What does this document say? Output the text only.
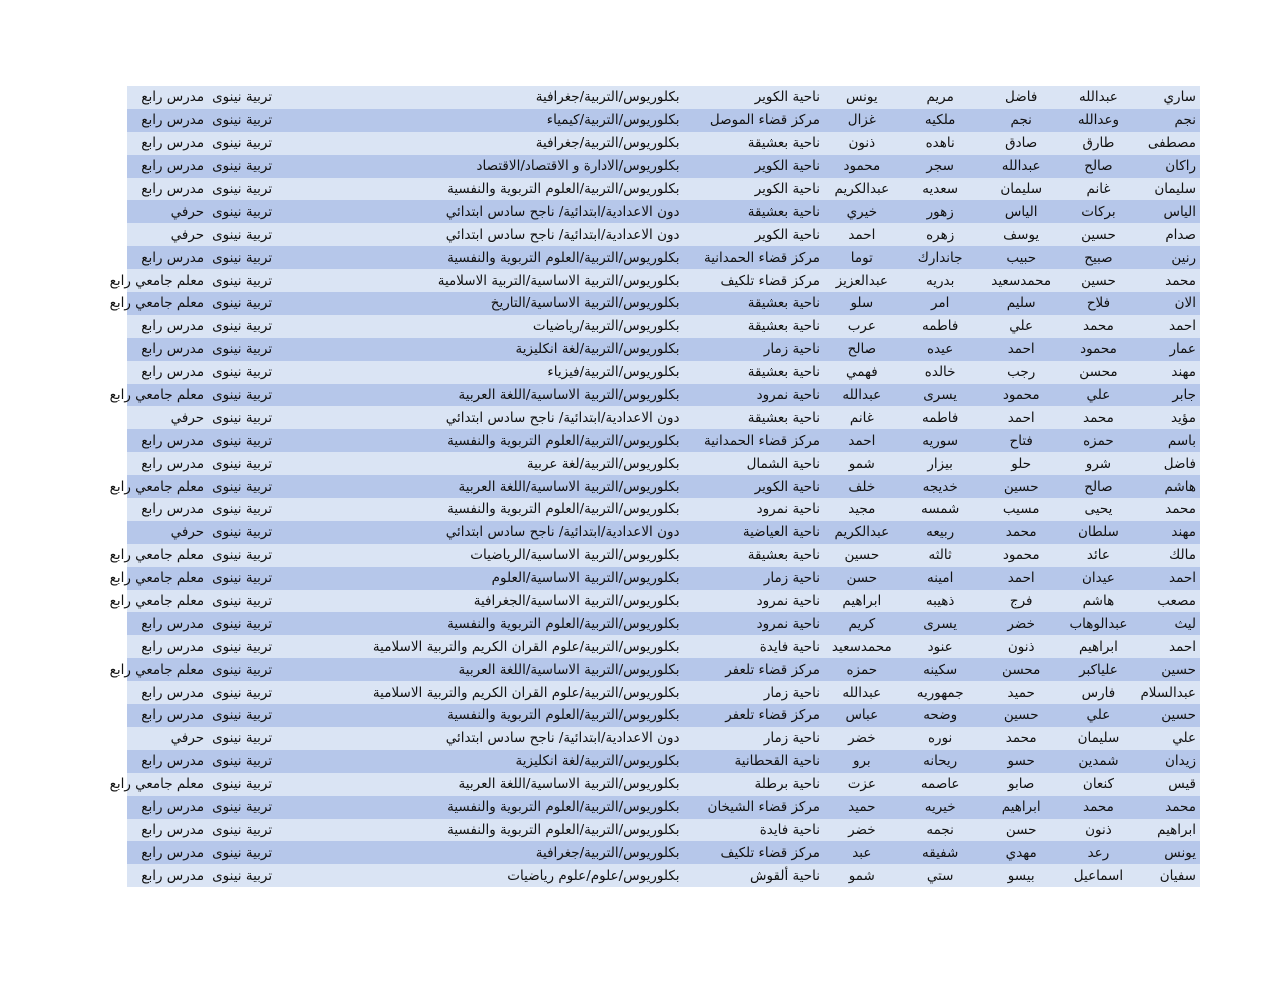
ساري	عبدالله	فاضل	مريم	يونس	ناحية الكوير	بكلوريوس/التربية/جغرافية	تربية نينوى	مدرس رابع
نجم	وعدالله	نجم	ملكيه	غزال	مركز قضاء الموصل	بكلوريوس/التربية/كيمياء	تربية نينوى	مدرس رابع
مصطفى	طارق	صادق	ناهده	ذنون	ناحية بعشيقة	بكلوريوس/التربية/جغرافية	تربية نينوى	مدرس رابع
راكان	صالح	عبدالله	سجر	محمود	ناحية الكوير	بكلوريوس/الادارة و الاقتصاد/الاقتصاد	تربية نينوى	مدرس رابع
سليمان	غانم	سليمان	سعديه	عبدالكريم	ناحية الكوير	بكلوريوس/التربية/العلوم التربوية والنفسية	تربية نينوى	مدرس رابع
الياس	بركات	الياس	زهور	خيري	ناحية بعشيقة	دون الاعدادية/ابتدائية/ ناجح سادس ابتدائي	تربية نينوى	حرفي
صدام	حسين	يوسف	زهره	احمد	ناحية الكوير	دون الاعدادية/ابتدائية/ ناجح سادس ابتدائي	تربية نينوى	حرفي
رنين	صبيح	حبيب	جاندارك	توما	مركز قضاء الحمدانية	بكلوريوس/التربية/العلوم التربوية والنفسية	تربية نينوى	مدرس رابع
محمد	حسين	محمدسعيد	بدريه	عبدالعزيز	مركز قضاء تلكيف	بكلوريوس/التربية الاساسية/التربية الاسلامية	تربية نينوى	معلم جامعي رابع
الان	فلاح	سليم	امر	سلو	ناحية بعشيقة	بكلوريوس/التربية الاساسية/التاريخ	تربية نينوى	معلم جامعي رابع
احمد	محمد	علي	فاطمه	عرب	ناحية بعشيقة	بكلوريوس/التربية/رياضيات	تربية نينوى	مدرس رابع
عمار	محمود	احمد	عيده	صالح	ناحية زمار	بكلوريوس/التربية/لغة انكليزية	تربية نينوى	مدرس رابع
مهند	محسن	رجب	خالده	فهمي	ناحية بعشيقة	بكلوريوس/التربية/فيزياء	تربية نينوى	مدرس رابع
جابر	علي	محمود	يسرى	عبدالله	ناحية نمرود	بكلوريوس/التربية الاساسية/اللغة العربية	تربية نينوى	معلم جامعي رابع
مؤيد	محمد	احمد	فاطمه	غانم	ناحية بعشيقة	دون الاعدادية/ابتدائية/ ناجح سادس ابتدائي	تربية نينوى	حرفي
باسم	حمزه	فتاح	سوريه	احمد	مركز قضاء الحمدانية	بكلوريوس/التربية/العلوم التربوية والنفسية	تربية نينوى	مدرس رابع
فاضل	شرو	حلو	بيزار	شمو	ناحية الشمال	بكلوريوس/التربية/لغة عربية	تربية نينوى	مدرس رابع
هاشم	صالح	حسين	خديجه	خلف	ناحية الكوير	بكلوريوس/التربية الاساسية/اللغة العربية	تربية نينوى	معلم جامعي رابع
محمد	يحيى	مسيب	شمسه	مجيد	ناحية نمرود	بكلوريوس/التربية/العلوم التربوية والنفسية	تربية نينوى	مدرس رابع
مهند	سلطان	محمد	ربيعه	عبدالكريم	ناحية العياضية	دون الاعدادية/ابتدائية/ ناجح سادس ابتدائي	تربية نينوى	حرفي
مالك	عائد	محمود	ثالثه	حسين	ناحية بعشيقة	بكلوريوس/التربية الاساسية/الرياضيات	تربية نينوى	معلم جامعي رابع
احمد	عيدان	احمد	امينه	حسن	ناحية زمار	بكلوريوس/التربية الاساسية/العلوم	تربية نينوى	معلم جامعي رابع
مصعب	هاشم	فرج	ذهيبه	ابراهيم	ناحية نمرود	بكلوريوس/التربية الاساسية/الجغرافية	تربية نينوى	معلم جامعي رابع
ليث	عبدالوهاب	خضر	يسرى	كريم	ناحية نمرود	بكلوريوس/التربية/العلوم التربوية والنفسية	تربية نينوى	مدرس رابع
احمد	ابراهيم	ذنون	عنود	محمدسعيد	ناحية فايدة	بكلوريوس/التربية/علوم القران الكريم والتربية الاسلامية	تربية نينوى	مدرس رابع
حسين	علياكبر	محسن	سكينه	حمزه	مركز قضاء تلعفر	بكلوريوس/التربية الاساسية/اللغة العربية	تربية نينوى	معلم جامعي رابع
عبدالسلام	فارس	حميد	جمهوريه	عبدالله	ناحية زمار	بكلوريوس/التربية/علوم القران الكريم والتربية الاسلامية	تربية نينوى	مدرس رابع
حسين	علي	حسين	وضحه	عباس	مركز قضاء تلعفر	بكلوريوس/التربية/العلوم التربوية والنفسية	تربية نينوى	مدرس رابع
علي	سليمان	محمد	نوره	خضر	ناحية زمار	دون الاعدادية/ابتدائية/ ناجح سادس ابتدائي	تربية نينوى	حرفي
زيدان	شمدين	حسو	ريحانه	برو	ناحية القحطانية	بكلوريوس/التربية/لغة انكليزية	تربية نينوى	مدرس رابع
قيس	كنعان	صابو	عاصمه	عزت	ناحية برطلة	بكلوريوس/التربية الاساسية/اللغة العربية	تربية نينوى	معلم جامعي رابع
محمد	محمد	ابراهيم	خيريه	حميد	مركز قضاء الشيخان	بكلوريوس/التربية/العلوم التربوية والنفسية	تربية نينوى	مدرس رابع
ابراهيم	ذنون	حسن	نجمه	خضر	ناحية فايدة	بكلوريوس/التربية/العلوم التربوية والنفسية	تربية نينوى	مدرس رابع
يونس	رعد	مهدي	شفيقه	عبد	مركز قضاء تلكيف	بكلوريوس/التربية/جغرافية	تربية نينوى	مدرس رابع
سفيان	اسماعيل	بيسو	ستي	شمو	ناحية ألقوش	بكلوريوس/علوم/علوم رياضيات	تربية نينوى	مدرس رابع
